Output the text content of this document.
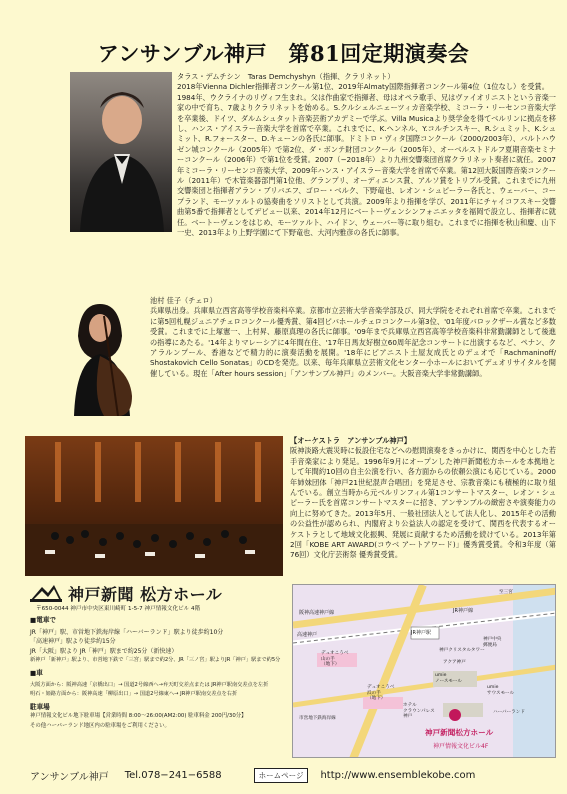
アンサンブル神戸　第81回定期演奏会
タラス・デムチシン　Taras Demchyshyn（指揮、クラリネット）
2018年Vienna Dichler指揮者コンクール第1位、2019年Almaty国際指揮者コンクール第4位（1位なし）を受賞。
1984年、ウクライナのリヴィフ生まれ。父は作曲家で指揮者、母はオペラ歌手、兄はヴァイオリニストという音楽一家の中で育ち、7歳よりクラリネットを始める。S.クルシェルニェーツィカ音楽学校、ミコーラ・リーセンコ音楽大学を卒業後、ドイツ、ダルムシュタット音楽芸術アカデミーで学ぶ。Villa Musicaより奨学金を得てベルリンに拠点を移し、ハンス・アイスラー音楽大学を首席で卒業。これまでに、K.ヘンネル、Y.コルチンスキー、R.シュミット、K.シュミット、R.フォースター、D.キューンの各氏に師事。ドミトロ・ヴィタ国際コンクール（2000/2003年）、バルトハウゼン城コンクール（2005年）で第2位、ダ・ボンテ財団コンクール（2005年）、オーベルストドルフ夏期音楽セミナーコンクール（2006年）で第1位を受賞。2007（−2018年）より九州交響楽団首席クラリネット奏者に就任。2007年ミコーラ・リーセンコ音楽大学、2009年ハンス・アイスラー音楽大学を首席で卒業。第12回大阪国際音楽コンクール（2011年）で木管楽器部門第1位他、グランプリ、オーディエンス賞、アルソ賞をトリプル受賞。これまでに九州交響楽団と指揮者アラン・ブリバエフ、ゴロー・ベルク、下野竜也、レオン・シュピーラー各氏と、ウェーバー、コープランド、モーツァルトの協奏曲をソリストとして共演。2009年より指揮を学び、2011年にチャイコフスキー交響曲第5番で指揮者としてデビュー以来、2014年12月にベートーヴェンシンフォニエッタを福岡で設立し、指揮者に就任。ベートーヴェンをはじめ、モーツァルト、ハイドン、ウェーバー等に取り組む。これまでに指揮を秋山和慶、山下一史、2013年より上野学園にて下野竜也、大河内雅彦の各氏に師事。
池村 佳子（チェロ）
兵庫県出身。兵庫県立西宮高等学校音楽科卒業。京都市立芸術大学音楽学部及び、同大学院をそれぞれ首席で卒業。これまでに第5回札幌ジュニアチェロコンクール優秀賞、第4回ビバホールチェロコンクール第3位、'01年度バロックザール賞など多数受賞。これまでに上塚憲一、上村昇、藤原真理の各氏に師事。'09年まで兵庫県立西宮高等学校音楽科非常勤講師として後進の指導にあたる。'14年よりマレーシアに4年間在住、'17年日馬友好樹立60周年記念コンサートに出演するなど、ペナン、クアラルンプール、香港などで精力的に演奏活動を展開。'18年にピアニスト土屋友成氏とのデュオで「Rachmaninoff/ Shostakovich Cello Sonatas」のCDを発売。以来、毎年兵庫県立芸術文化センター小ホールにおいてデュオリサイタルを開催している。現在「After hours session」「アンサンブル神戸」のメンバー。大阪音楽大学非常勤講師。
【オーケストラ　アンサンブル神戸】
阪神淡路大震災時に仮設住宅などへの慰問演奏をきっかけに、関西を中心とした若手音楽家により発足。1996年9月にオープンした神戸新聞松方ホールを本拠地として年間約10回の自主公演を行い、各方面からの依頼公演にも応じている。2000年姉妹団体「神戸21世紀混声合唱団」を発足させ、宗教音楽にも積極的に取り組んでいる。創立当時から元ベルリンフィル第1コンサートマスター、レオン・シュピーラー氏を首席コンサートマスターに招き、アンサンブルの緻密さや演奏能力の向上に努めてきた。2013年5月、一般社団法人として法人化し、2015年その活動の公益性が認められ、内閣府より公益法人の認定を受けて、関西を代表するオーケストラとして地域文化振興、発展に貢献するため活動を続けている。2013年第2回「KOBE ART AWARD(コウベ アートアワード)」優秀賞受賞。令和3年度（第76回）文化庁芸術祭 優秀賞受賞。
神戸新聞 松方ホール
〒650-0044 神戸市中央区東川崎町 1-5-7 神戸情報文化ビル 4階
■電車で
JR「神戸」駅、市営地下鉄海岸線「ハーバーランド」駅より徒歩約10分
「高速神戸」駅より徒歩約15分
JR「大阪」駅より JR「神戸」駅まで約25分（新快速）
新神戸「新神戸」駅より、市営地下鉄で「三宮」駅まで約2分、JR「三ノ宮」駅よりJR「神戸」駅まで約5分
■車
大阪方面から：阪神高速「京橋出口」→ 国道2号線西へ→弁天町交差点または JR神戸駅南交差点を左折
明石・姫路方面から：阪神高速「柳原出口」→ 国道2号線東へ→ JR神戸駅南交差点を右折
駐車場
神戸情報文化ビル地下駐車場【営業時間 8:00〜26:00(AM2:00) 駐車料金 200円/30分】
その他ハーバーランド地区内の駐車場をご利用ください。
阪神高速神戸線	JR神戸線
JR神戸駅
高速神戸
デュオこうべ
山の手
（地下）
デュオこうべ
浜の手
（地下）
ホテル
クラウンパレス
神戸
アクア神戸
umie
ノースモール
umie
サウスモール
神戸クリスタルタワー
神戸中央
郵便局
至三宮
市営地下鉄海岸線
ハーバーランド
神戸新聞松方ホール
神戸情報文化ビル4F
アンサンブル神戸 Tel.078−241−6588	ホームページ	http://www.ensemblekobe.com
